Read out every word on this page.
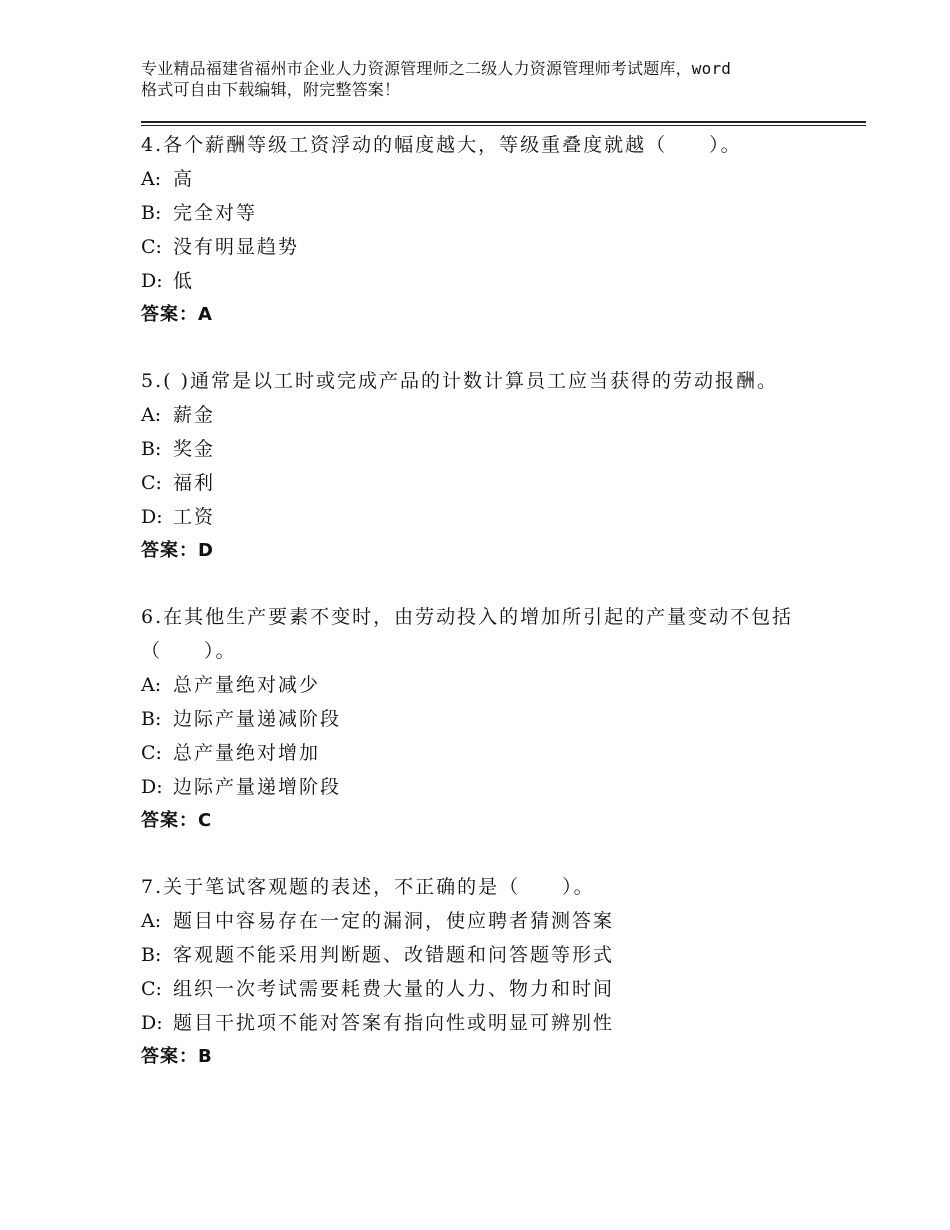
专业精品福建省福州市企业人力资源管理师之二级人力资源管理师考试题库，word
格式可自由下载编辑，附完整答案！
4.各个薪酬等级工资浮动的幅度越大，等级重叠度就越（　　）。
A: 高
B: 完全对等
C: 没有明显趋势
D: 低
答案：A
5.( )通常是以工时或完成产品的计数计算员工应当获得的劳动报酬。
A: 薪金
B: 奖金
C: 福利
D: 工资
答案：D
6.在其他生产要素不变时，由劳动投入的增加所引起的产量变动不包括（　　）。
A: 总产量绝对减少
B: 边际产量递减阶段
C: 总产量绝对增加
D: 边际产量递增阶段
答案：C
7.关于笔试客观题的表述，不正确的是（　　）。
A: 题目中容易存在一定的漏洞，使应聘者猜测答案
B: 客观题不能采用判断题、改错题和问答题等形式
C: 组织一次考试需要耗费大量的人力、物力和时间
D: 题目干扰项不能对答案有指向性或明显可辨别性
答案：B
